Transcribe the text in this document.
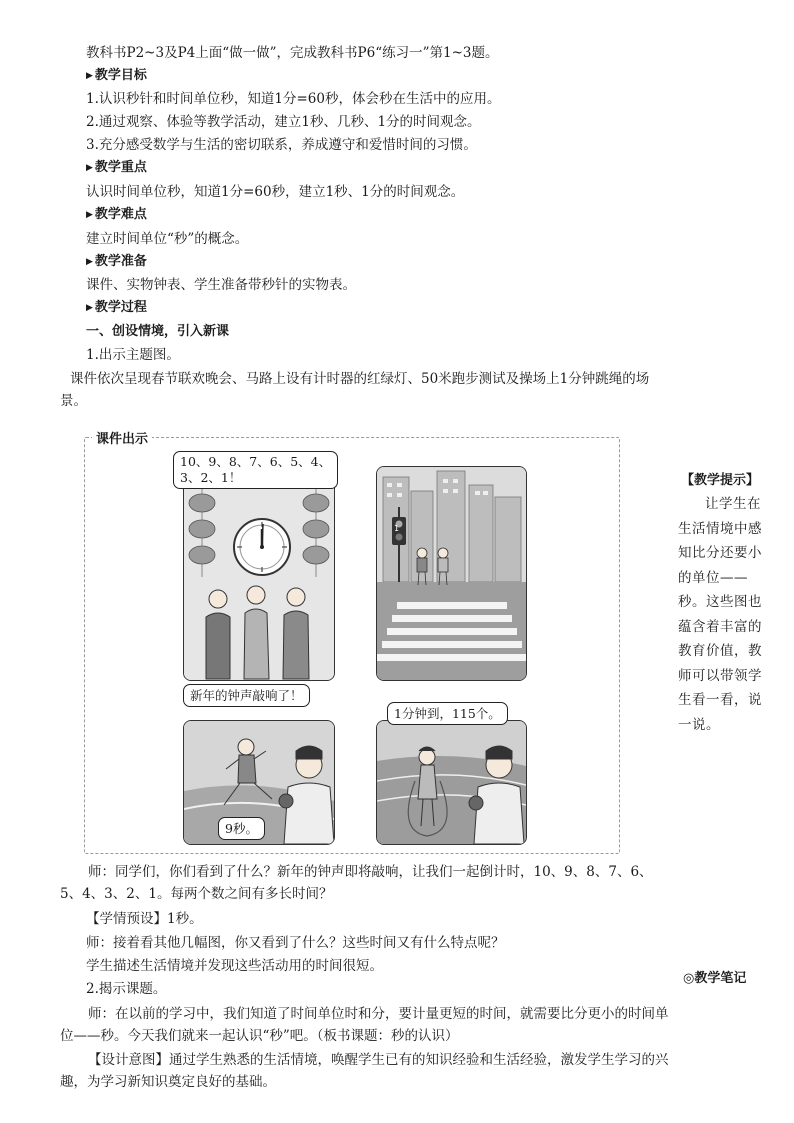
教科书P2~3及P4上面“做一做”，完成教科书P6“练习一”第1~3题。
▶ 教学目标
1.认识秒针和时间单位秒，知道1分=60秒，体会秒在生活中的应用。
2.通过观察、体验等教学活动，建立1秒、几秒、1分的时间观念。
3.充分感受数学与生活的密切联系，养成遵守和爱惜时间的习惯。
▶ 教学重点
认识时间单位秒，知道1分=60秒，建立1秒、1分的时间观念。
▶ 教学难点
建立时间单位“秒”的概念。
▶ 教学准备
课件、实物钟表、学生准备带秒针的实物表。
▶ 教学过程
一、创设情境，引入新课
1.出示主题图。
课件依次呈现春节联欢晚会、马路上设有计时器的红绿灯、50米跑步测试及操场上1分钟跳绳的场景。
课件出示
10、9、8、7、6、5、4、
3、2、1！
新年的钟声敲响了！
1
9秒。
1分钟到，115个。
师：同学们，你们看到了什么？新年的钟声即将敲响，让我们一起倒计时，10、9、8、7、6、5、4、3、2、1。每两个数之间有多长时间？
【学情预设】1秒。
师：接着看其他几幅图，你又看到了什么？这些时间又有什么特点呢？
学生描述生活情境并发现这些活动用的时间很短。
2.揭示课题。
师：在以前的学习中，我们知道了时间单位时和分，要计量更短的时间，就需要比分更小的时间单位——秒。今天我们就来一起认识“秒”吧。（板书课题：秒的认识）
【设计意图】通过学生熟悉的生活情境，唤醒学生已有的知识经验和生活经验，激发学生学习的兴趣，为学习新知识奠定良好的基础。
【教学提示】
让学生在生活情境中感知比分还要小的单位——秒。这些图也蕴含着丰富的教育价值，教师可以带领学生看一看，说一说。
◎教学笔记
